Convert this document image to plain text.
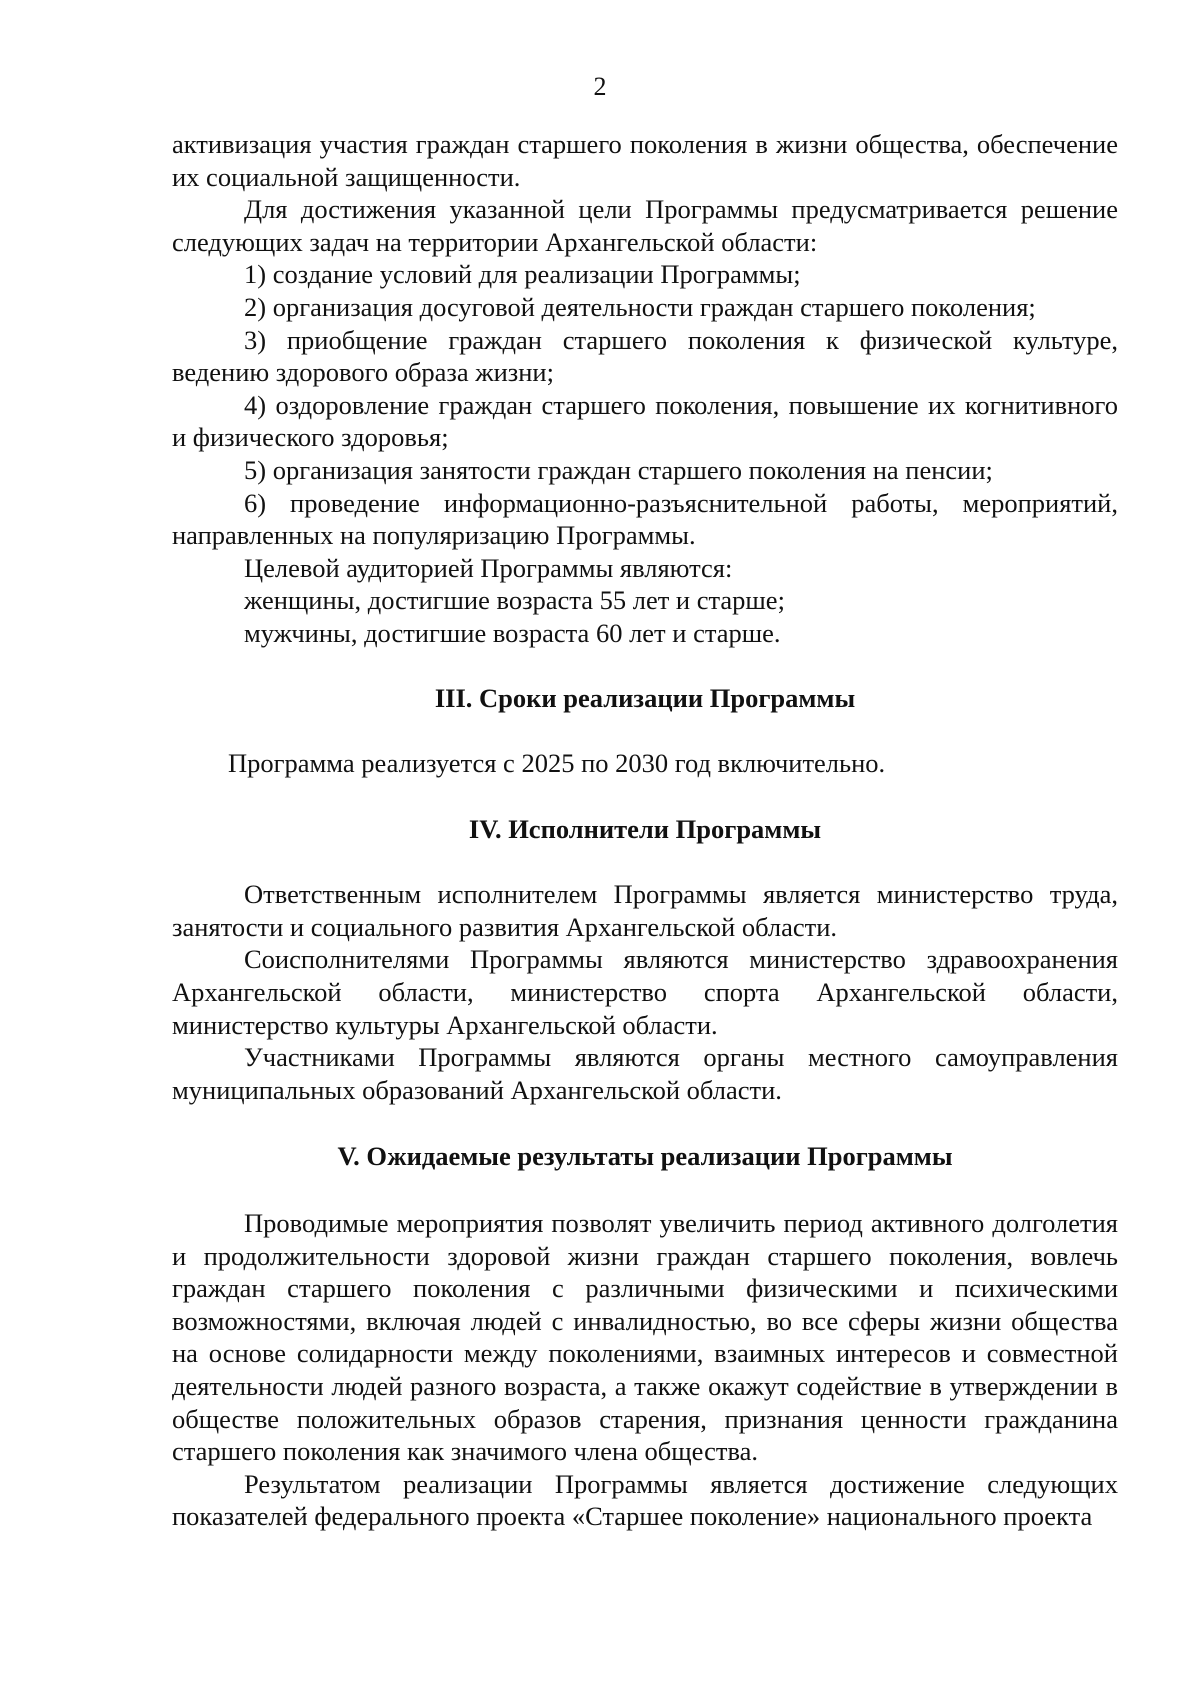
2

активизация участия граждан старшего поколения в жизни общества, обеспечение их социальной защищенности.

Для достижения указанной цели Программы предусматривается решение следующих задач на территории Архангельской области:

1) создание условий для реализации Программы;

2) организация досуговой деятельности граждан старшего поколения;

3) приобщение граждан старшего поколения к физической культуре, ведению здорового образа жизни;

4) оздоровление граждан старшего поколения, повышение их когнитивного и физического здоровья;

5) организация занятости граждан старшего поколения на пенсии;

6) проведение информационно-разъяснительной работы, мероприятий, направленных на популяризацию Программы.

Целевой аудиторией Программы являются:

женщины, достигшие возраста 55 лет и старше;

мужчины, достигшие возраста 60 лет и старше.

III. Сроки реализации Программы

Программа реализуется с 2025 по 2030 год включительно.

IV. Исполнители Программы

Ответственным исполнителем Программы является министерство труда, занятости и социального развития Архангельской области.

Соисполнителями Программы являются министерство здравоохранения Архангельской области, министерство спорта Архангельской области, министерство культуры Архангельской области.

Участниками Программы являются органы местного самоуправления муниципальных образований Архангельской области.

V. Ожидаемые результаты реализации Программы

Проводимые мероприятия позволят увеличить период активного долголетия и продолжительности здоровой жизни граждан старшего поколения, вовлечь граждан старшего поколения с различными физическими и психическими возможностями, включая людей с инвалидностью, во все сферы жизни общества на основе солидарности между поколениями, взаимных интересов и совместной деятельности людей разного возраста, а также окажут содействие в утверждении в обществе положительных образов старения, признания ценности гражданина старшего поколения как значимого члена общества.

Результатом реализации Программы является достижение следующих показателей федерального проекта «Старшее поколение» национального проекта
